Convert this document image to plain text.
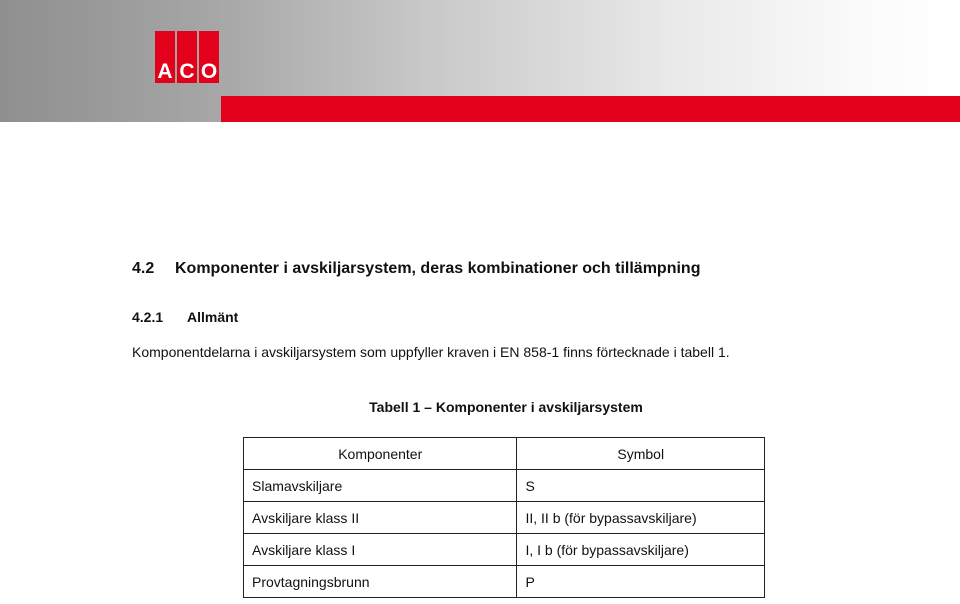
A C O
4.2 Komponenter i avskiljarsystem, deras kombinationer och tillämpning
4.2.1 Allmänt
Komponentdelarna i avskiljarsystem som uppfyller kraven i EN 858-1 finns förtecknade i tabell 1.
Tabell 1 – Komponenter i avskiljarsystem
Komponenter	Symbol
Slamavskiljare	S
Avskiljare klass II	II, II b (för bypassavskiljare)
Avskiljare klass I	I, I b (för bypassavskiljare)
Provtagningsbrunn	P
